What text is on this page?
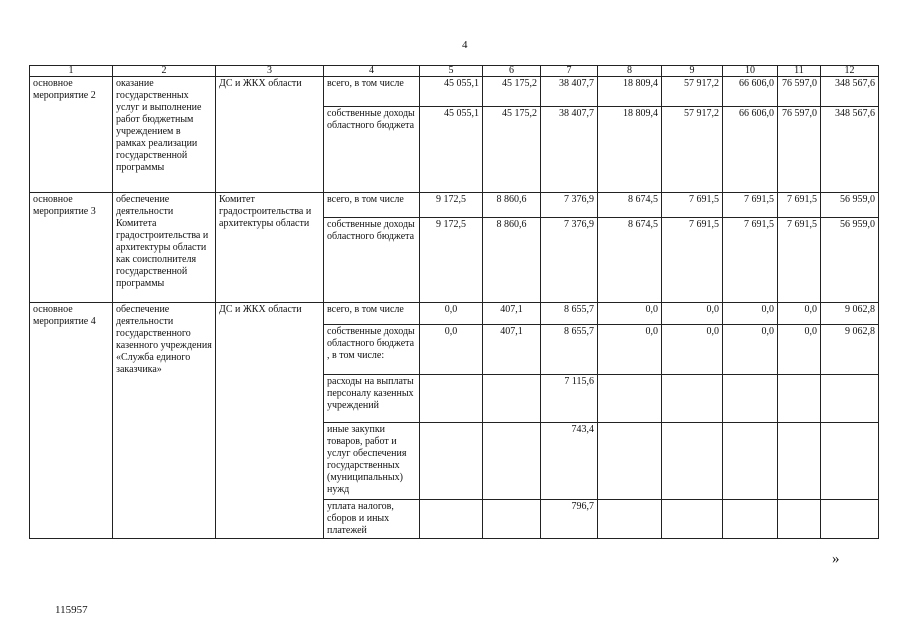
4
1	2	3	4	5	6	7	8	9	10	11	12
основное мероприятие 2	оказание государственных услуг и выполнение работ бюджетным учреждением в рамках реализации государственной программы	ДС и ЖКХ области	всего, в том числе	45 055,1	45 175,2	38 407,7	18 809,4	57 917,2	66 606,0	76 597,0	348 567,6
			собственные доходы областного бюджета	45 055,1	45 175,2	38 407,7	18 809,4	57 917,2	66 606,0	76 597,0	348 567,6
основное мероприятие 3	обеспечение деятельности Комитета градостроительства и архитектуры области как соисполнителя государственной программы	Комитет градостроительства и архитектуры области	всего, в том числе	9 172,5	8 860,6	7 376,9	8 674,5	7 691,5	7 691,5	7 691,5	56 959,0
			собственные доходы областного бюджета	9 172,5	8 860,6	7 376,9	8 674,5	7 691,5	7 691,5	7 691,5	56 959,0
основное мероприятие 4	обеспечение деятельности государственного казенного учреждения «Служба единого заказчика»	ДС и ЖКХ области	всего, в том числе	0,0	407,1	8 655,7	0,0	0,0	0,0	0,0	9 062,8
			собственные доходы областного бюджета , в том числе:	0,0	407,1	8 655,7	0,0	0,0	0,0	0,0	9 062,8
			расходы на выплаты персоналу казенных учреждений			7 115,6					
			иные закупки товаров, работ и услуг обеспечения государственных (муниципальных) нужд			743,4					
			уплата налогов, сборов и иных платежей			796,7					
»
115957
